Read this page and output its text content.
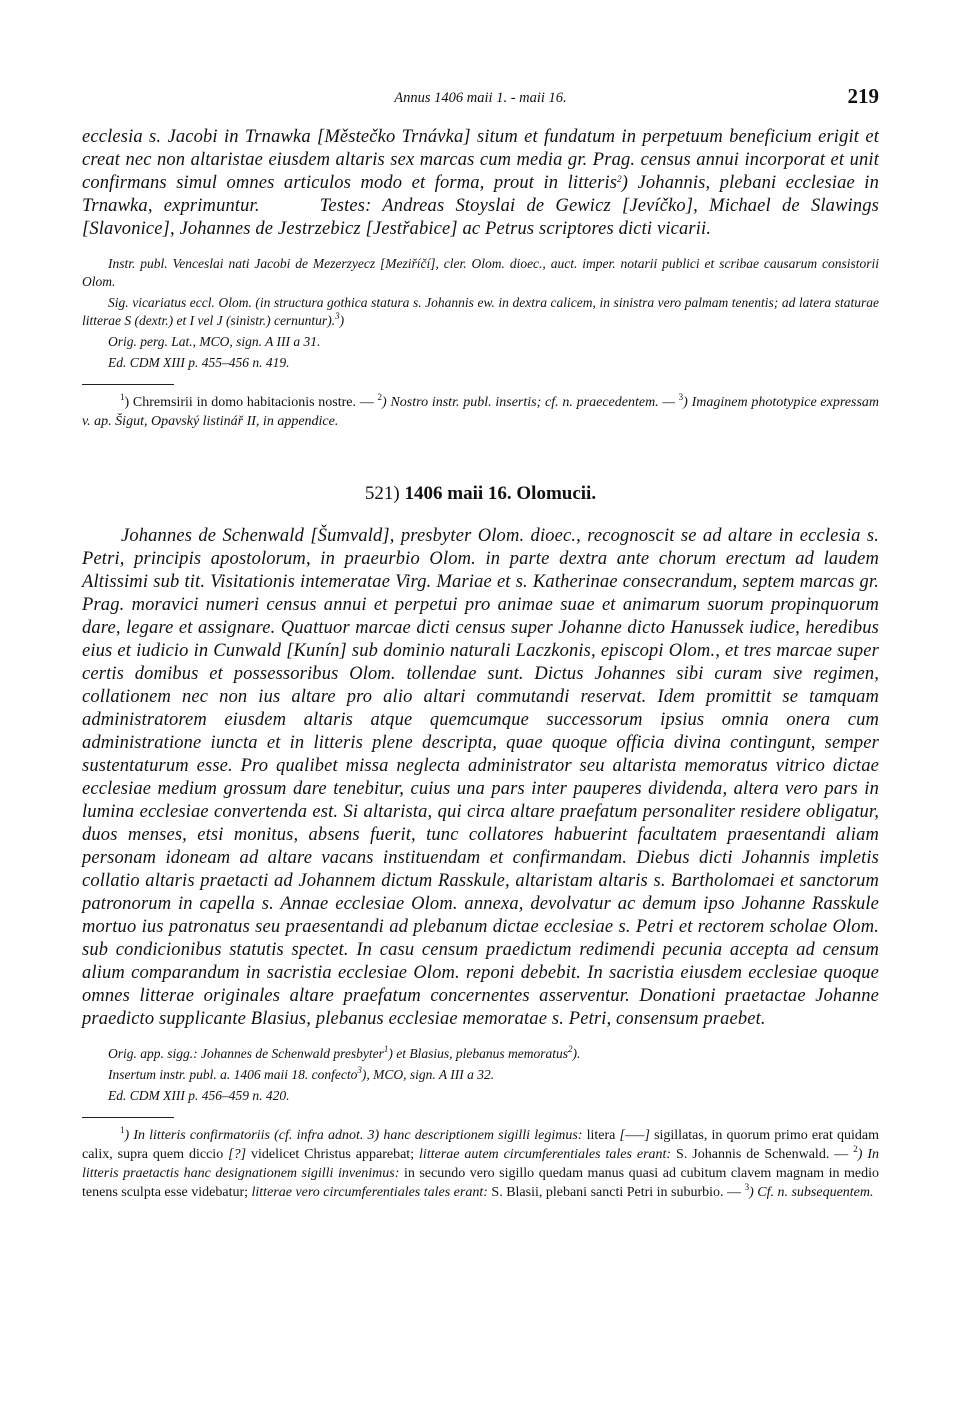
Annus 1406 maii 1. - maii 16.	219

ecclesia s. Jacobi in Trnawka [Městečko Trnávka] situm et fundatum in perpetuum beneficium erigit et creat nec non altaristae eiusdem altaris sex marcas cum media gr. Prag. census annui incorporat et unit confirmans simul omnes articulos modo et forma, prout in litteris$^2$) Johannis, plebani ecclesiae in Trnawka, exprimuntur.	Testes: Andreas Stoyslai de Gewicz [Jevíčko], Michael de Slawings [Slavonice], Johannes de Jestrzebicz [Jestřabice] ac Petrus scriptores dicti vicarii.

Instr. publ. Venceslai nati Jacobi de Mezerzyecz [Meziříčí], cler. Olom. dioec., auct. imper. notarii publici et scribae causarum consistorii Olom.

Sig. vicariatus eccl. Olom. (in structura gothica statura s. Johannis ew. in dextra calicem, in sinistra vero palmam tenentis; ad latera staturae litterae S (dextr.) et I vel J (sinistr.) cernuntur).$^3$)

Orig. perg. Lat., MCO, sign. A III a 31.

Ed. CDM XIII p. 455–456 n. 419.

$^1$) Chremsirii in domo habitacionis nostre. — $^2$) Nostro instr. publ. insertis; cf. n. praecedentem. — $^3$) Imaginem phototypice expressam v. ap. Šigut, Opavský listinář II, in appendice.

521) 1406 maii 16. Olomucii.

Johannes de Schenwald [Šumvald], presbyter Olom. dioec., recognoscit se ad altare in ecclesia s. Petri, principis apostolorum, in praeurbio Olom. in parte dextra ante chorum erectum ad laudem Altissimi sub tit. Visitationis intemeratae Virg. Mariae et s. Katherinae consecrandum, septem marcas gr. Prag. moravici numeri census annui et perpetui pro animae suae et animarum suorum propinquorum dare, legare et assignare. Quattuor marcae dicti census super Johanne dicto Hanussek iudice, heredibus eius et iudicio in Cunwald [Kunín] sub dominio naturali Laczkonis, episcopi Olom., et tres marcae super certis domibus et possessoribus Olom. tollendae sunt. Dictus Johannes sibi curam sive regimen, collationem nec non ius altare pro alio altari commutandi reservat. Idem promittit se tamquam administratorem eiusdem altaris atque quemcumque successorum ipsius omnia onera cum administratione iuncta et in litteris plene descripta, quae quoque officia divina contingunt, semper sustentaturum esse. Pro qualibet missa neglecta administrator seu altarista memoratus vitrico dictae ecclesiae medium grossum dare tenebitur, cuius una pars inter pauperes dividenda, altera vero pars in lumina ecclesiae convertenda est. Si altarista, qui circa altare praefatum personaliter residere obligatur, duos menses, etsi monitus, absens fuerit, tunc collatores habuerint facultatem praesentandi aliam personam idoneam ad altare vacans instituendam et confirmandam. Diebus dicti Johannis impletis collatio altaris praetacti ad Johannem dictum Rasskule, altaristam altaris s. Bartholomaei et sanctorum patronorum in capella s. Annae ecclesiae Olom. annexa, devolvatur ac demum ipso Johanne Rasskule mortuo ius patronatus seu praesentandi ad plebanum dictae ecclesiae s. Petri et rectorem scholae Olom. sub condicionibus statutis spectet. In casu censum praedictum redimendi pecunia accepta ad censum alium comparandum in sacristia ecclesiae Olom. reponi debebit. In sacristia eiusdem ecclesiae quoque omnes litterae originales altare praefatum concernentes asserventur. Donationi praetactae Johanne praedicto supplicante Blasius, plebanus ecclesiae memoratae s. Petri, consensum praebet.

Orig. app. sigg.: Johannes de Schenwald presbyter$^1$) et Blasius, plebanus memoratus$^2$).

Insertum instr. publ. a. 1406 maii 18. confecto$^3$), MCO, sign. A III a 32.

Ed. CDM XIII p. 456–459 n. 420.

$^1$) In litteris confirmatoriis (cf. infra adnot. 3) hanc descriptionem sigilli legimus: litera [—–] sigillatas, in quorum primo erat quidam calix, supra quem diccio [?] videlicet Christus apparebat; litterae autem circumferentiales tales erant: S. Johannis de Schenwald. — $^2$) In litteris praetactis hanc designationem sigilli invenimus: in secundo vero sigillo quedam manus quasi ad cubitum clavem magnam in medio tenens sculpta esse videbatur; litterae vero circumferentiales tales erant: S. Blasii, plebani sancti Petri in suburbio. — $^3$) Cf. n. subsequentem.
